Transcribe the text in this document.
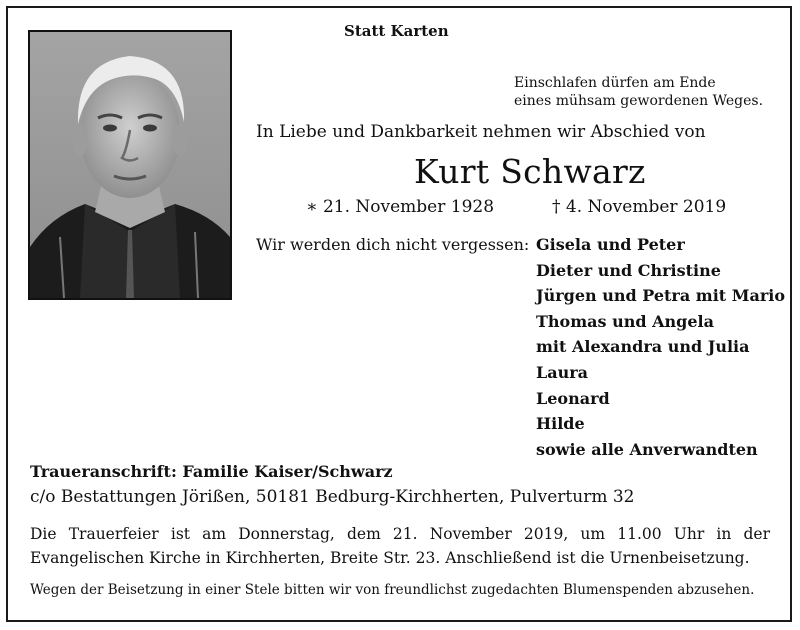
Statt Karten
Einschlafen dürfen am Ende
eines mühsam gewordenen Weges.
In Liebe und Dankbarkeit nehmen wir Abschied von
Kurt Schwarz
∗ 21. November 1928	† 4. November 2019
Wir werden dich nicht vergessen: Gisela und Peter
Dieter und Christine
Jürgen und Petra mit Mario
Thomas und Angela
mit Alexandra und Julia
Laura
Leonard
Hilde
sowie alle Anverwandten
Traueranschrift: Familie Kaiser/Schwarz
c/o Bestattungen Jörißen, 50181 Bedburg-Kirchherten, Pulverturm 32
Die Trauerfeier ist am Donnerstag, dem 21. November 2019, um 11.00 Uhr in der
Evangelischen Kirche in Kirchherten, Breite Str. 23. Anschließend ist die Urnenbeisetzung.
Wegen der Beisetzung in einer Stele bitten wir von freundlichst zugedachten Blumenspenden abzusehen.
